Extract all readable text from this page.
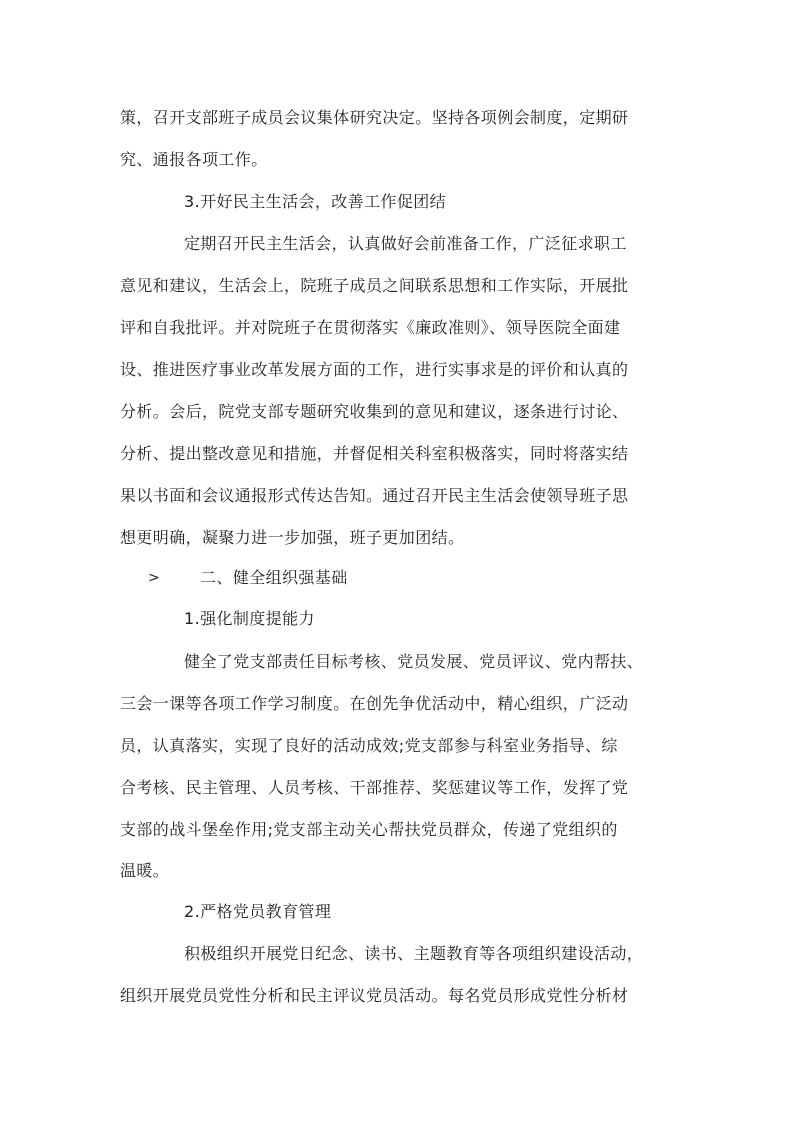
策，召开支部班子成员会议集体研究决定。坚持各项例会制度，定期研
究、通报各项工作。
3.开好民主生活会，改善工作促团结
定期召开民主生活会，认真做好会前准备工作，广泛征求职工
意见和建议，生活会上，院班子成员之间联系思想和工作实际，开展批
评和自我批评。并对院班子在贯彻落实《廉政准则》、领导医院全面建
设、推进医疗事业改革发展方面的工作，进行实事求是的评价和认真的
分析。会后，院党支部专题研究收集到的意见和建议，逐条进行讨论、
分析、提出整改意见和措施，并督促相关科室积极落实，同时将落实结
果以书面和会议通报形式传达告知。通过召开民主生活会使领导班子思
想更明确，凝聚力进一步加强，班子更加团结。
>	二、健全组织强基础
1.强化制度提能力
健全了党支部责任目标考核、党员发展、党员评议、党内帮扶、
三会一课等各项工作学习制度。在创先争优活动中，精心组织，广泛动
员，认真落实，实现了良好的活动成效;党支部参与科室业务指导、综
合考核、民主管理、人员考核、干部推荐、奖惩建议等工作，发挥了党
支部的战斗堡垒作用;党支部主动关心帮扶党员群众，传递了党组织的
温暖。
2.严格党员教育管理
积极组织开展党日纪念、读书、主题教育等各项组织建设活动，
组织开展党员党性分析和民主评议党员活动。每名党员形成党性分析材
